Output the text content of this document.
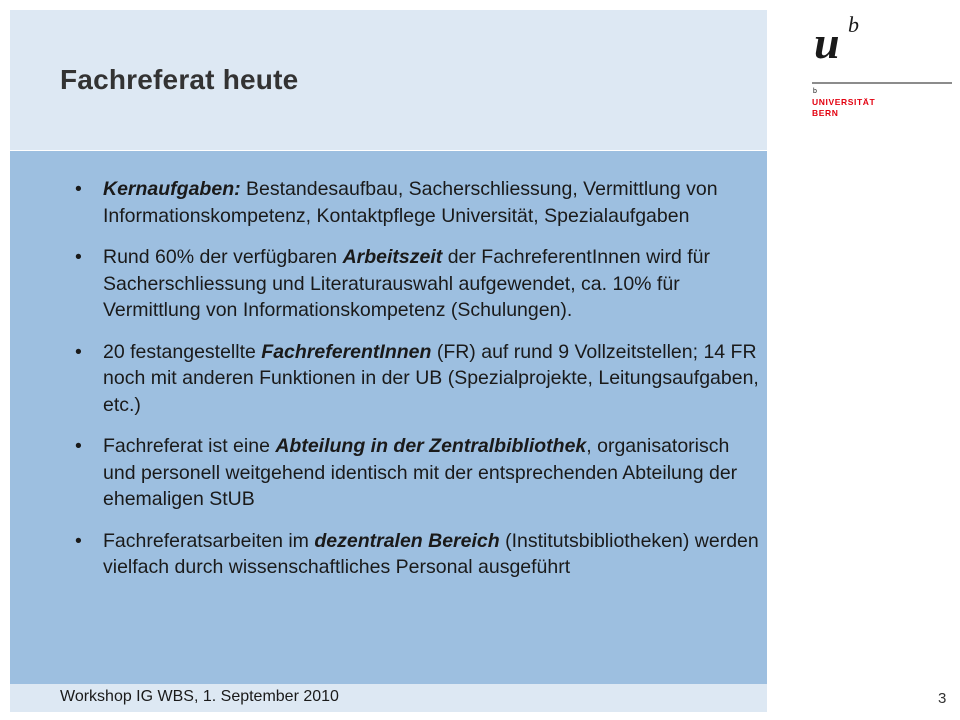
Fachreferat heute
u b
b
UNIVERSITÄT
BERN
• Kernaufgaben: Bestandesaufbau, Sacherschliessung, Vermittlung von Informationskompetenz, Kontaktpflege Universität, Spezialaufgaben
• Rund 60% der verfügbaren Arbeitszeit der FachreferentInnen wird für Sacherschliessung und Literaturauswahl aufgewendet, ca. 10% für Vermittlung von Informationskompetenz (Schulungen).
• 20 festangestellte FachreferentInnen (FR) auf rund 9 Vollzeitstellen; 14 FR noch mit anderen Funktionen in der UB (Spezialprojekte, Leitungsaufgaben, etc.)
• Fachreferat ist eine Abteilung in der Zentralbibliothek, organisatorisch und personell weitgehend identisch mit der entsprechenden Abteilung der ehemaligen StUB
• Fachreferatsarbeiten im dezentralen Bereich (Institutsbibliotheken) werden vielfach durch wissenschaftliches Personal ausgeführt
Workshop IG WBS, 1. September 2010	3
